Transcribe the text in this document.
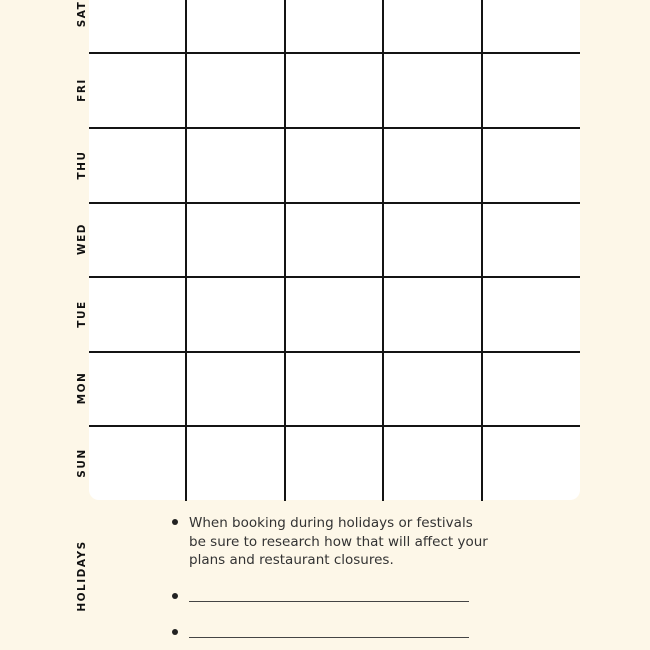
SAT
FRI
THU
WED
TUE
MON
SUN
HOLIDAYS
When booking during holidays or festivals be sure to research how that will affect your plans and restaurant closures.
